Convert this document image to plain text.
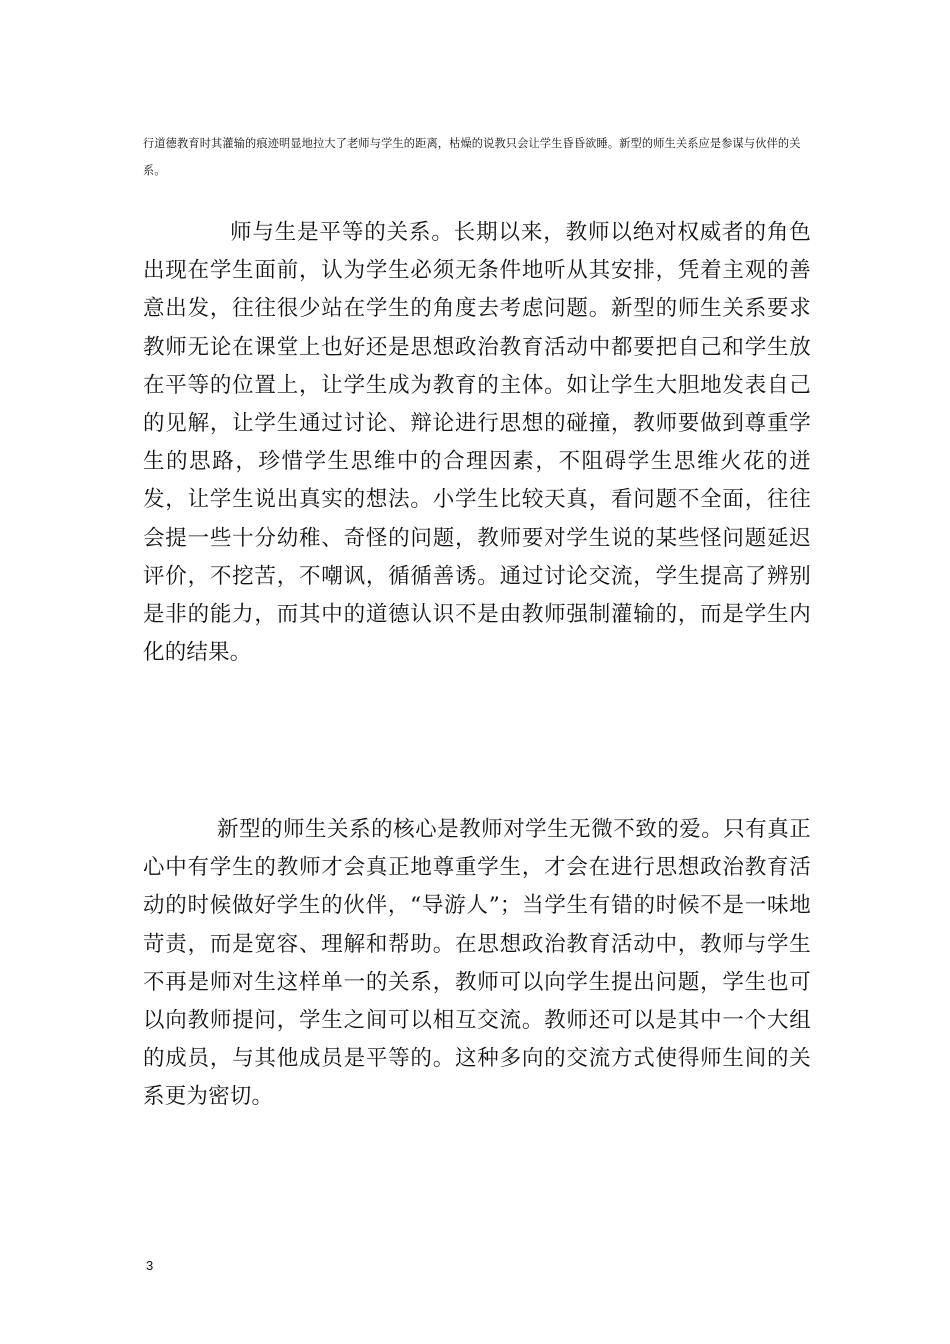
行道德教育时其灌输的痕迹明显地拉大了老师与学生的距离，枯燥的说教只会让学生昏昏欲睡。新型的师生关系应是参谋与伙伴的关系。

师与生是平等的关系。长期以来，教师以绝对权威者的角色出现在学生面前，认为学生必须无条件地听从其安排，凭着主观的善意出发，往往很少站在学生的角度去考虑问题。新型的师生关系要求教师无论在课堂上也好还是思想政治教育活动中都要把自己和学生放在平等的位置上，让学生成为教育的主体。如让学生大胆地发表自己的见解，让学生通过讨论、辩论进行思想的碰撞，教师要做到尊重学生的思路，珍惜学生思维中的合理因素，不阻碍学生思维火花的迸发，让学生说出真实的想法。小学生比较天真，看问题不全面，往往会提一些十分幼稚、奇怪的问题，教师要对学生说的某些怪问题延迟评价，不挖苦，不嘲讽，循循善诱。通过讨论交流，学生提高了辨别是非的能力，而其中的道德认识不是由教师强制灌输的，而是学生内化的结果。

新型的师生关系的核心是教师对学生无微不致的爱。只有真正心中有学生的教师才会真正地尊重学生，才会在进行思想政治教育活动的时候做好学生的伙伴，“导游人”；当学生有错的时候不是一味地苛责，而是宽容、理解和帮助。在思想政治教育活动中，教师与学生不再是师对生这样单一的关系，教师可以向学生提出问题，学生也可以向教师提问，学生之间可以相互交流。教师还可以是其中一个大组的成员，与其他成员是平等的。这种多向的交流方式使得师生间的关系更为密切。

3
